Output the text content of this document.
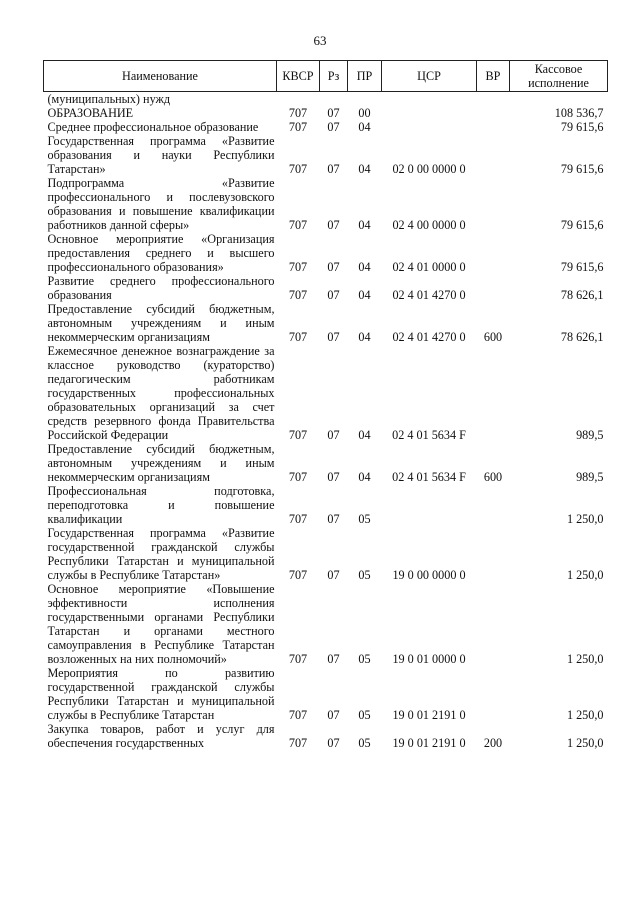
63
Наименование	КВСР	Рз	ПР	ЦСР	ВР	Кассовое исполнение
(муниципальных) нужд						
ОБРАЗОВАНИЕ	707	07	00			108 536,7
Среднее профессиональное образование	707	07	04			79 615,6
Государственная программа «Развитие образования и науки Республики Татарстан»	707	07	04	02 0 00 0000 0		79 615,6
Подпрограмма «Развитие профессионального и послевузовского образования и повышение квалификации работников данной сферы»	707	07	04	02 4 00 0000 0		79 615,6
Основное мероприятие «Организация предоставления среднего и высшего профессионального образования»	707	07	04	02 4 01 0000 0		79 615,6
Развитие среднего профессионального образования	707	07	04	02 4 01 4270 0		78 626,1
Предоставление субсидий бюджетным, автономным учреждениям и иным некоммерческим организациям	707	07	04	02 4 01 4270 0	600	78 626,1
Ежемесячное денежное вознаграждение за классное руководство (кураторство) педагогическим работникам государственных профессиональных образовательных организаций за счет средств резервного фонда Правительства Российской Федерации	707	07	04	02 4 01 5634 F		989,5
Предоставление субсидий бюджетным, автономным учреждениям и иным некоммерческим организациям	707	07	04	02 4 01 5634 F	600	989,5
Профессиональная подготовка, переподготовка и повышение квалификации	707	07	05			1 250,0
Государственная программа «Развитие государственной гражданской службы Республики Татарстан и муниципальной службы в Республике Татарстан»	707	07	05	19 0 00 0000 0		1 250,0
Основное мероприятие «Повышение эффективности исполнения государственными органами Республики Татарстан и органами местного самоуправления в Республике Татарстан возложенных на них полномочий»	707	07	05	19 0 01 0000 0		1 250,0
Мероприятия по развитию государственной гражданской службы Республики Татарстан и муниципальной службы в Республике Татарстан	707	07	05	19 0 01 2191 0		1 250,0
Закупка товаров, работ и услуг для обеспечения государственных	707	07	05	19 0 01 2191 0	200	1 250,0
